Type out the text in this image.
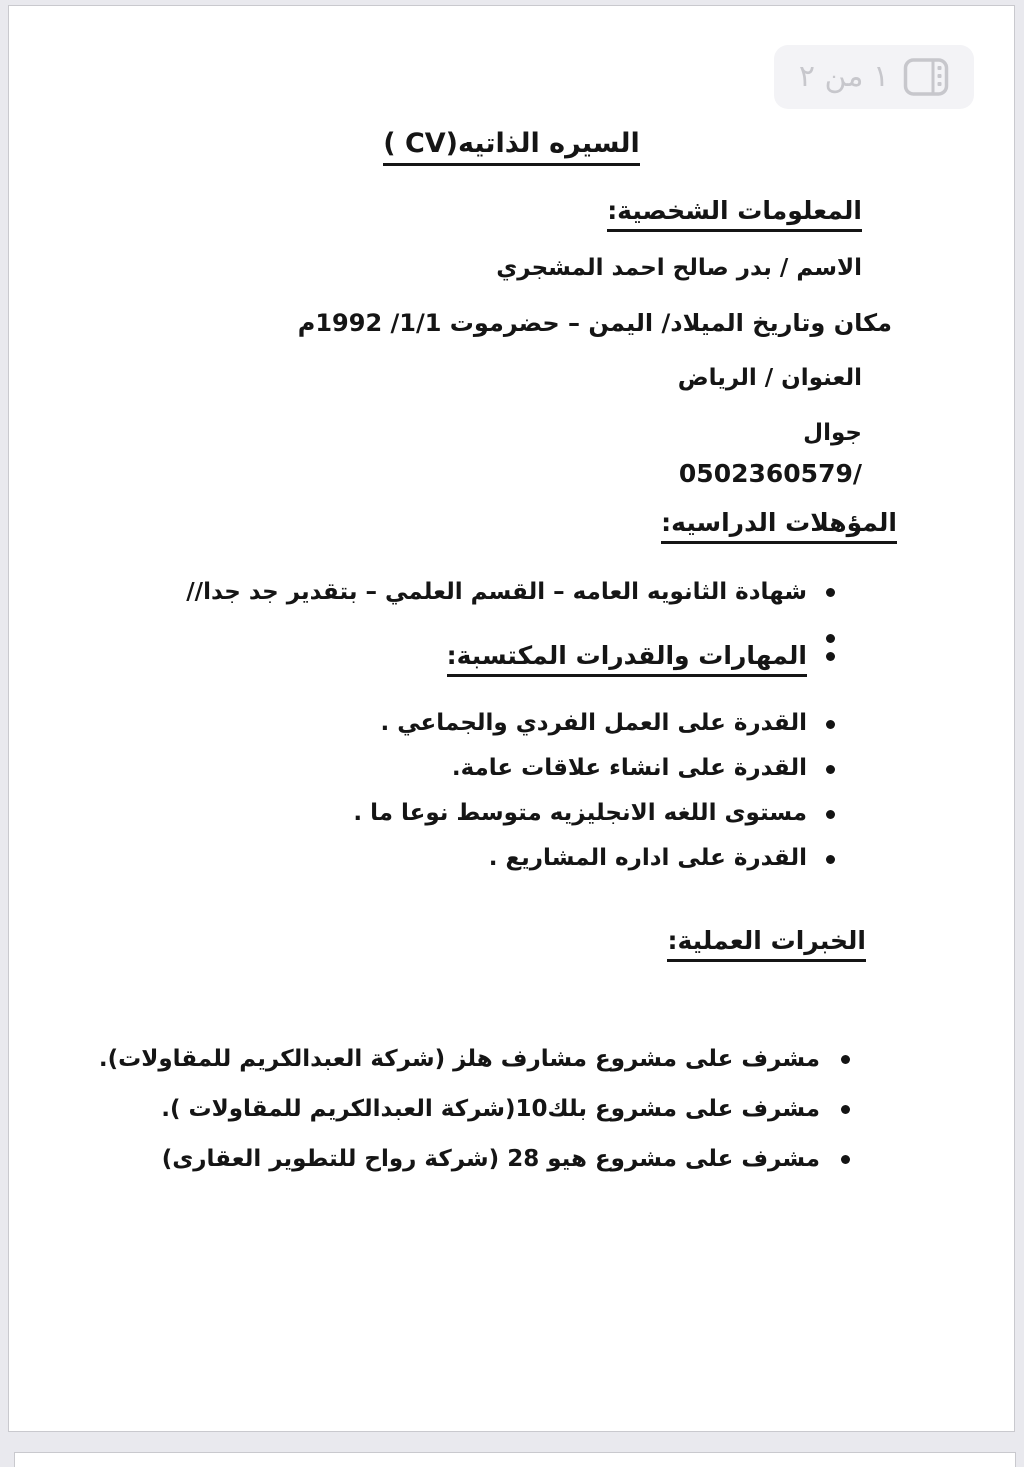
١ من ٢
السيره الذاتيه(CV )
المعلومات الشخصية:

الاسم / بدر صالح احمد المشجري

مكان وتاريخ الميلاد/ اليمن – حضرموت 1/1/ 1992م

العنوان / الرياض

جوال

/0502360579

المؤهلات الدراسيه:
شهادة الثانويه العامه – القسم العلمي – بتقدير جد جدا//
المهارات والقدرات المكتسبة:
القدرة على العمل الفردي والجماعي .
القدرة على انشاء علاقات عامة.
مستوى اللغه الانجليزيه متوسط نوعا ما .
القدرة على اداره المشاريع .
الخبرات العملية:
مشرف على مشروع مشارف هلز (شركة العبدالكريم للمقاولات).
مشرف على مشروع بلك10(شركة العبدالكريم للمقاولات ).
مشرف على مشروع هيو 28 (شركة رواح للتطوير العقارى)
